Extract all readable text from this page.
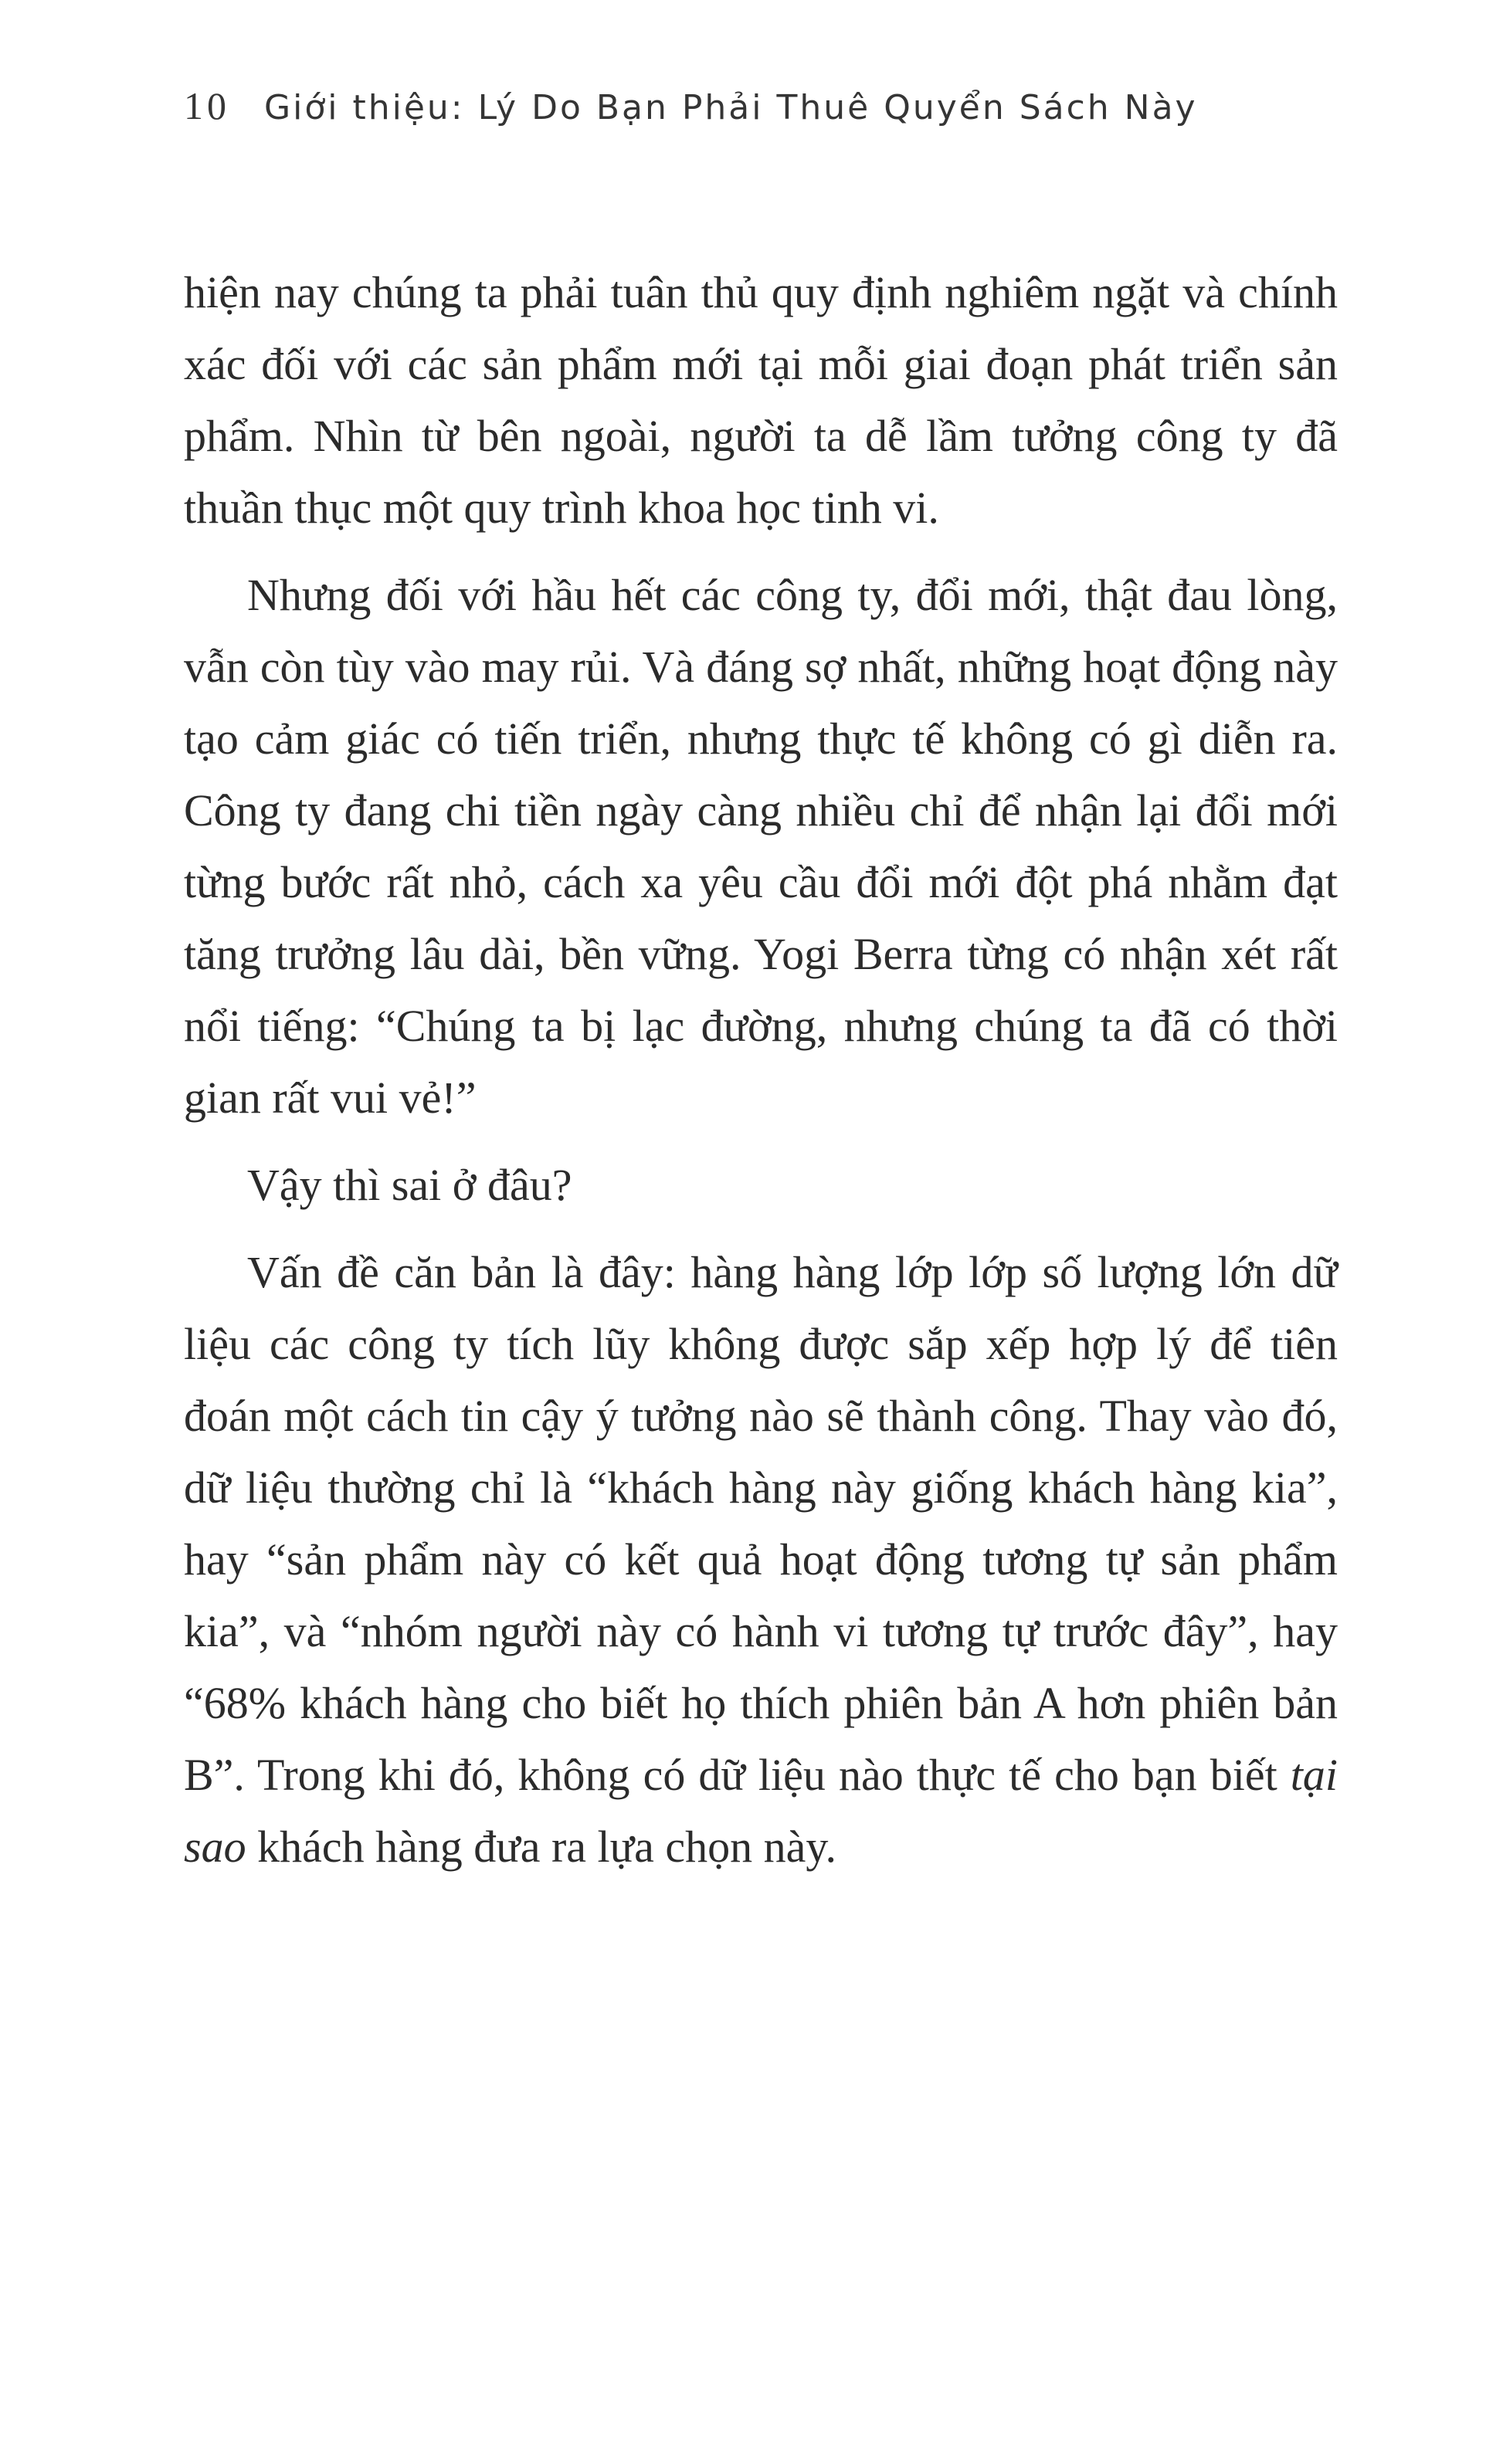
10 Giới thiệu: Lý Do Bạn Phải Thuê Quyển Sách Này

hiện nay chúng ta phải tuân thủ quy định nghiêm ngặt và chính xác đối với các sản phẩm mới tại mỗi giai đoạn phát triển sản phẩm. Nhìn từ bên ngoài, người ta dễ lầm tưởng công ty đã thuần thục một quy trình khoa học tinh vi.

Nhưng đối với hầu hết các công ty, đổi mới, thật đau lòng, vẫn còn tùy vào may rủi. Và đáng sợ nhất, những hoạt động này tạo cảm giác có tiến triển, nhưng thực tế không có gì diễn ra. Công ty đang chi tiền ngày càng nhiều chỉ để nhận lại đổi mới từng bước rất nhỏ, cách xa yêu cầu đổi mới đột phá nhằm đạt tăng trưởng lâu dài, bền vững. Yogi Berra từng có nhận xét rất nổi tiếng: “Chúng ta bị lạc đường, nhưng chúng ta đã có thời gian rất vui vẻ!”

Vậy thì sai ở đâu?

Vấn đề căn bản là đây: hàng hàng lớp lớp số lượng lớn dữ liệu các công ty tích lũy không được sắp xếp hợp lý để tiên đoán một cách tin cậy ý tưởng nào sẽ thành công. Thay vào đó, dữ liệu thường chỉ là “khách hàng này giống khách hàng kia”, hay “sản phẩm này có kết quả hoạt động tương tự sản phẩm kia”, và “nhóm người này có hành vi tương tự trước đây”, hay “68% khách hàng cho biết họ thích phiên bản A hơn phiên bản B”. Trong khi đó, không có dữ liệu nào thực tế cho bạn biết tại sao khách hàng đưa ra lựa chọn này.
